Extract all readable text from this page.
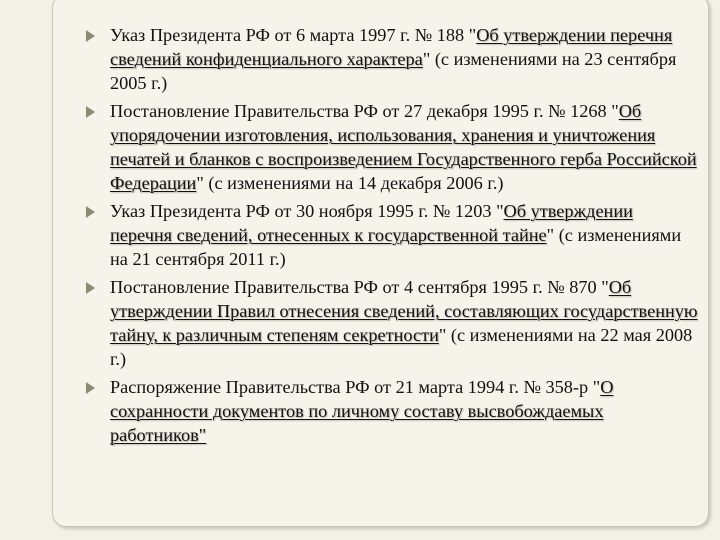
Указ Президента РФ от 6 марта 1997 г. № 188 "Об утверждении перечня сведений конфиденциального характера" (с изменениями на 23 сентября 2005 г.)
Постановление Правительства РФ от 27 декабря 1995 г. № 1268 "Об упорядочении изготовления, использования, хранения и уничтожения печатей и бланков с воспроизведением Государственного герба Российской Федерации" (с изменениями на 14 декабря 2006 г.)
Указ Президента РФ от 30 ноября 1995 г. № 1203 "Об утверждении перечня сведений, отнесенных к государственной тайне" (с изменениями на 21 сентября 2011 г.)
Постановление Правительства РФ от 4 сентября 1995 г. № 870 "Об утверждении Правил отнесения сведений, составляющих государственную тайну, к различным степеням секретности" (с изменениями на 22 мая 2008 г.)
Распоряжение Правительства РФ от 21 марта 1994 г. № 358-р "О сохранности документов по личному составу высвобождаемых работников"
